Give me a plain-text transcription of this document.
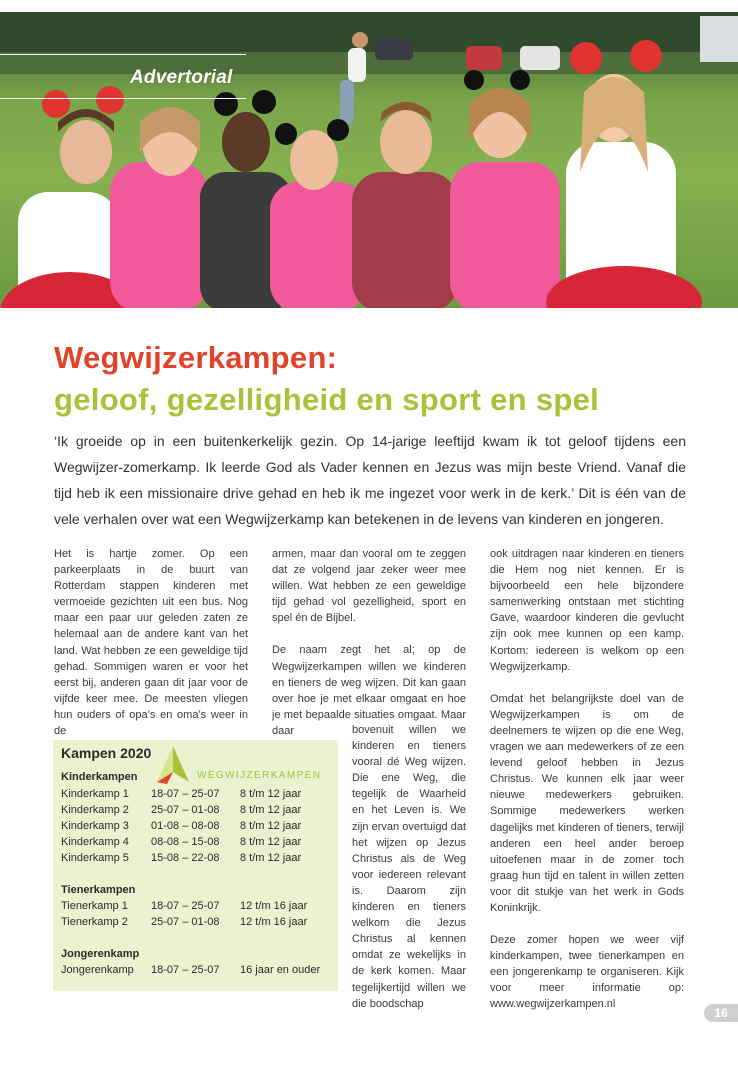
Advertorial
Wegwijzerkampen:
geloof, gezelligheid en sport en spel
‘Ik groeide op in een buitenkerkelijk gezin. Op 14-jarige leeftijd kwam ik tot geloof tijdens een Wegwijzer-zomerkamp. Ik leerde God als Vader kennen en Jezus was mijn beste Vriend. Vanaf die tijd heb ik een missionaire drive gehad en heb ik me ingezet voor werk in de kerk.’ Dit is één van de vele verhalen over wat een Wegwijzerkamp kan betekenen in de levens van kinderen en jongeren.

Het is hartje zomer. Op een parkeerplaats in de buurt van Rotterdam stappen kinderen met vermoeide gezichten uit een bus. Nog maar een paar uur geleden zaten ze helemaal aan de andere kant van het land. Wat hebben ze een geweldige tijd gehad. Sommigen waren er voor het eerst bij, anderen gaan dit jaar voor de vijfde keer mee. De meesten vliegen hun ouders of opa’s en oma’s weer in de

armen, maar dan vooral om te zeggen dat ze volgend jaar zeker weer mee willen. Wat hebben ze een geweldige tijd gehad vol gezelligheid, sport en spel én de Bijbel.

De naam zegt het al; op de Wegwijzerkampen willen we kinderen en tieners de weg wijzen. Dit kan gaan over hoe je met elkaar omgaat en hoe je met bepaalde situaties omgaat. Maar daar	bovenuit willen we kinderen en tieners vooral dé Weg wijzen. Die ene Weg, die tegelijk de Waarheid en het Leven is. We zijn ervan overtuigd dat het wijzen op Jezus Christus als de Weg voor iedereen relevant is. Daarom zijn kinderen en tieners welkom die Jezus Christus al kennen omdat ze wekelijks in de kerk komen. Maar tegelijkertijd willen we die boodschap

ook uitdragen naar kinderen en tieners die Hem nog niet kennen. Er is bijvoorbeeld een hele bijzondere samenwerking ontstaan met stichting Gave, waardoor kinderen die gevlucht zijn ook mee kunnen op een kamp. Kortom: iedereen is welkom op een Wegwijzerkamp.

Omdat het belangrijkste doel van de Wegwijzerkampen is om de deelnemers te wijzen op die ene Weg, vragen we aan medewerkers of ze een levend geloof hebben in Jezus Christus. We kunnen elk jaar weer nieuwe medewerkers gebruiken. Sommige medewerkers werken dagelijks met kinderen of tieners, terwijl anderen een heel ander beroep uitoefenen maar in de zomer toch graag hun tijd en talent in willen zetten voor dit stukje van het werk in Gods Koninkrijk.

Deze zomer hopen we weer vijf kinderkampen, twee tienerkampen en een jongerenkamp te organiseren. Kijk voor meer informatie op: www.wegwijzerkampen.nl

Kampen 2020
WEGWIJZERKAMPEN
Kinderkampen
Kinderkamp 1 18-07 – 25-07 8 t/m 12 jaar
Kinderkamp 2 25-07 – 01-08 8 t/m 12 jaar
Kinderkamp 3 01-08 – 08-08 8 t/m 12 jaar
Kinderkamp 4 08-08 – 15-08 8 t/m 12 jaar
Kinderkamp 5 15-08 – 22-08 8 t/m 12 jaar
Tienerkampen
Tienerkamp 1 18-07 – 25-07 12 t/m 16 jaar
Tienerkamp 2 25-07 – 01-08 12 t/m 16 jaar
Jongerenkamp
Jongerenkamp 18-07 – 25-07 16 jaar en ouder
16
